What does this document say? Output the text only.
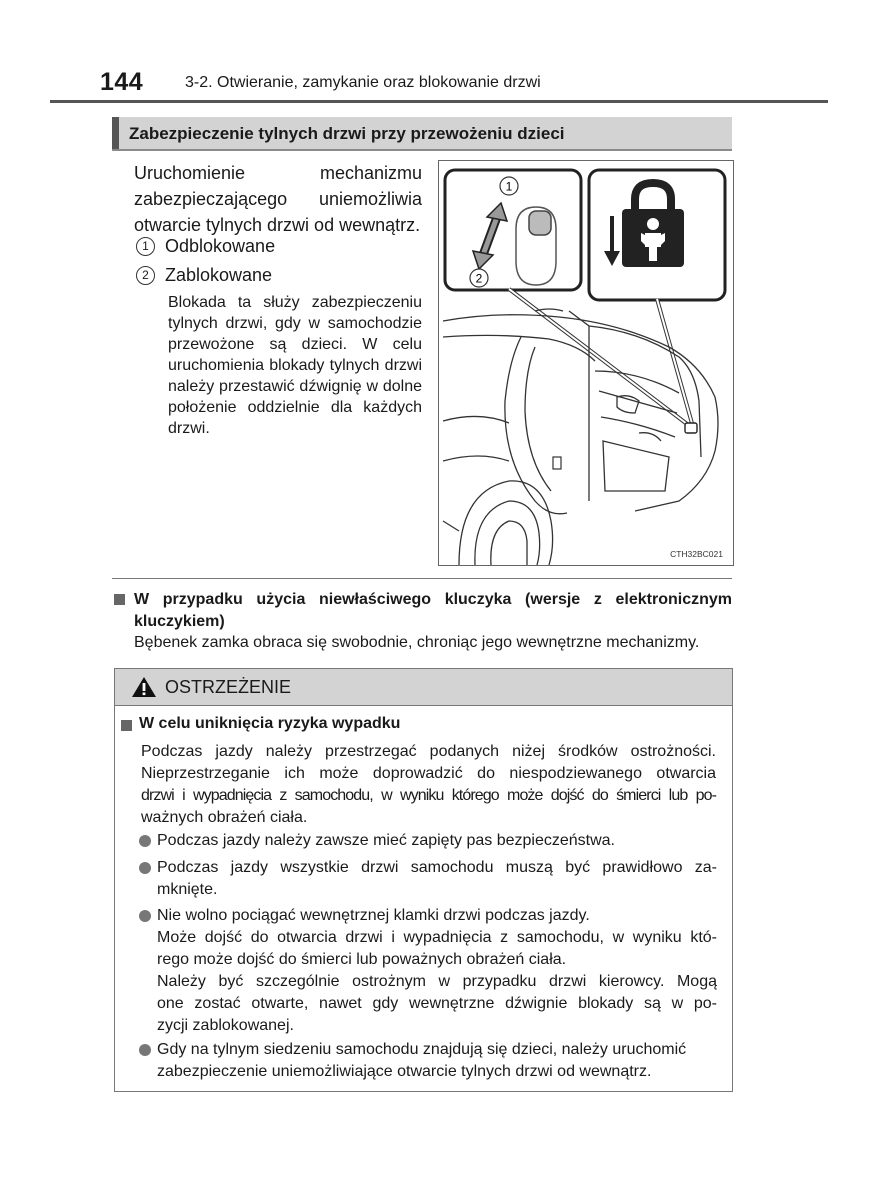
144	3-2. Otwieranie, zamykanie oraz blokowanie drzwi
Zabezpieczenie tylnych drzwi przy przewożeniu dzieci
Uruchomienie mechanizmu zabezpieczającego uniemożliwia otwarcie tylnych drzwi od wewnątrz.
1 Odblokowane
2 Zablokowane
Blokada ta służy zabezpieczeniu tylnych drzwi, gdy w samochodzie przewożone są dzieci. W celu uruchomienia blokady tylnych drzwi należy przestawić dźwignię w dolne położenie oddzielnie dla każdych drzwi.
1
2
CTH32BC021
W przypadku użycia niewłaściwego kluczyka (wersje z elektronicznym kluczykiem)
Bębenek zamka obraca się swobodnie, chroniąc jego wewnętrzne mechanizmy.
OSTRZEŻENIE
W celu uniknięcia ryzyka wypadku
Podczas jazdy należy przestrzegać podanych niżej środków ostrożności.
Nieprzestrzeganie ich może doprowadzić do niespodziewanego otwarcia
drzwi i wypadnięcia z samochodu, w wyniku którego może dojść do śmierci lub po-
ważnych obrażeń ciała.
Podczas jazdy należy zawsze mieć zapięty pas bezpieczeństwa.
Podczas jazdy wszystkie drzwi samochodu muszą być prawidłowo za-
mknięte.
Nie wolno pociągać wewnętrznej klamki drzwi podczas jazdy.
Może dojść do otwarcia drzwi i wypadnięcia z samochodu, w wyniku któ-
rego może dojść do śmierci lub poważnych obrażeń ciała.
Należy być szczególnie ostrożnym w przypadku drzwi kierowcy. Mogą
one zostać otwarte, nawet gdy wewnętrzne dźwignie blokady są w po-
zycji zablokowanej.
Gdy na tylnym siedzeniu samochodu znajdują się dzieci, należy uruchomić
zabezpieczenie uniemożliwiające otwarcie tylnych drzwi od wewnątrz.
